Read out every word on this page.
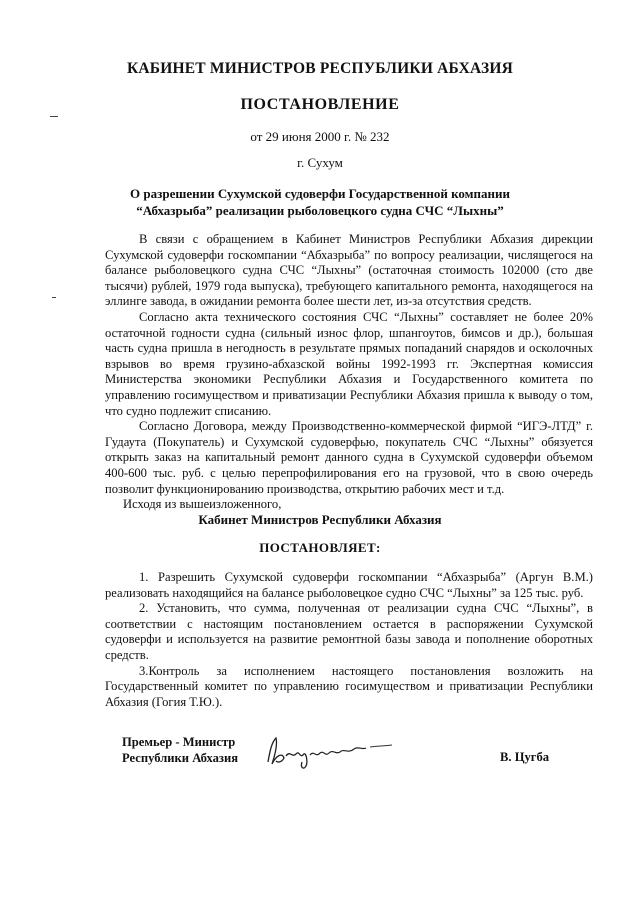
КАБИНЕТ МИНИСТРОВ РЕСПУБЛИКИ АБХАЗИЯ
ПОСТАНОВЛЕНИЕ
от 29 июня 2000 г. № 232
г. Сухум
О разрешении Сухумской судоверфи Государственной компании
“Абхазрыба” реализации рыболовецкого судна СЧС “Лыхны”

В связи с обращением в Кабинет Министров Республики Абхазия дирекции Сухумской судоверфи госкомпании “Абхазрыба” по вопросу реализации, числящегося на балансе рыболовецкого судна СЧС “Лыхны” (остаточная стоимость 102000 (сто две тысячи) рублей, 1979 года выпуска), требующего капитального ремонта, находящегося на эллинге завода, в ожидании ремонта более шести лет, из-за отсутствия средств.

Согласно акта технического состояния СЧС “Лыхны” составляет не более 20% остаточной годности судна (сильный износ флор, шпангоутов, бимсов и др.), большая часть судна пришла в негодность в результате прямых попаданий снарядов и осколочных взрывов во время грузино-абхазской войны 1992-1993 гг. Экспертная комиссия Министерства экономики Республики Абхазия и Государственного комитета по управлению госимуществом и приватизации Республики Абхазия пришла к выводу о том, что судно подлежит списанию.

Согласно Договора, между Производственно-коммерческой фирмой “ИГЭ-ЛТД” г. Гудаута (Покупатель) и Сухумской судоверфью, покупатель СЧС “Лыхны” обязуется открыть заказ на капитальный ремонт данного судна в Сухумской судоверфи объемом 400-600 тыс. руб. с целью перепрофилирования его на грузовой, что в свою очередь позволит функционированию производства, открытию рабочих мест и т.д.

Исходя из вышеизложенного,

Кабинет Министров Республики Абхазия
ПОСТАНОВЛЯЕТ:

1. Разрешить Сухумской судоверфи госкомпании “Абхазрыба” (Аргун В.М.) реализовать находящийся на балансе рыболовецкое судно СЧС “Лыхны” за 125 тыс. руб.

2. Установить, что сумма, полученная от реализации судна СЧС “Лыхны”, в соответствии с настоящим постановлением остается в распоряжении Сухумской судоверфи и используется на развитие ремонтной базы завода и пополнение оборотных средств.

3.Контроль за исполнением настоящего постановления возложить на Государственный комитет по управлению госимуществом и приватизации Республики Абхазия (Гогия Т.Ю.).

Премьер - Министр
Республики Абхазия	В. Цугба
